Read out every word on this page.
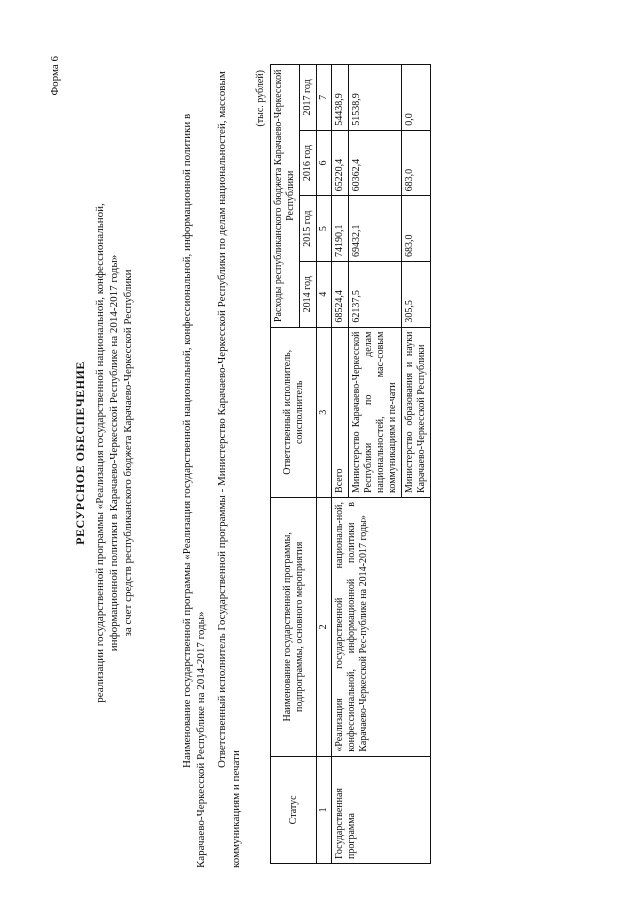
Форма 6
РЕСУРСНОЕ ОБЕСПЕЧЕНИЕ реализации государственной программы «Реализация государственной национальной, конфессиональной, информационной политики в Карачаево-Черкесской Республике на 2014-2017 годы» за счет средств республиканского бюджета Карачаево-Черкесской Республики	Наименование государственной программы «Реализация государственной национальной, конфессиональной, информационной политики в Карачаево-Черкесской Республике на 2014-2017 годы» Ответственный исполнитель Государственной программы - Министерство Карачаево-Черкесской Республики по делам национальностей, массовым коммуникациям и печати
(тыс. рублей)
Статус	Наименование государственной программы, подпрограммы, основного мероприятия	Ответственный исполнитель, соисполнитель	Расходы республиканского бюджета Карачаево-Черкесской Республики			
			2014 год	2015 год	2016 год	2017 год
1	2	3	4	5	6	7
Государственная программа	«Реализация государственной националь-ной, конфессиональной, информационной политики в Карачаево-Черкесской Рес-публике на 2014-2017 годы»	Всего	68524,4	74190,1	65220,4	54438,9
		Министерство Карачаево-Черкесской Республики по делам национальностей, мас-совым коммуникациям и пе-чати	62137,5	69432,1	60362,4	51538,9
		Министерство образования и науки Карачаево-Черкесской Республики	305,5	683,0	683,0	0,0
